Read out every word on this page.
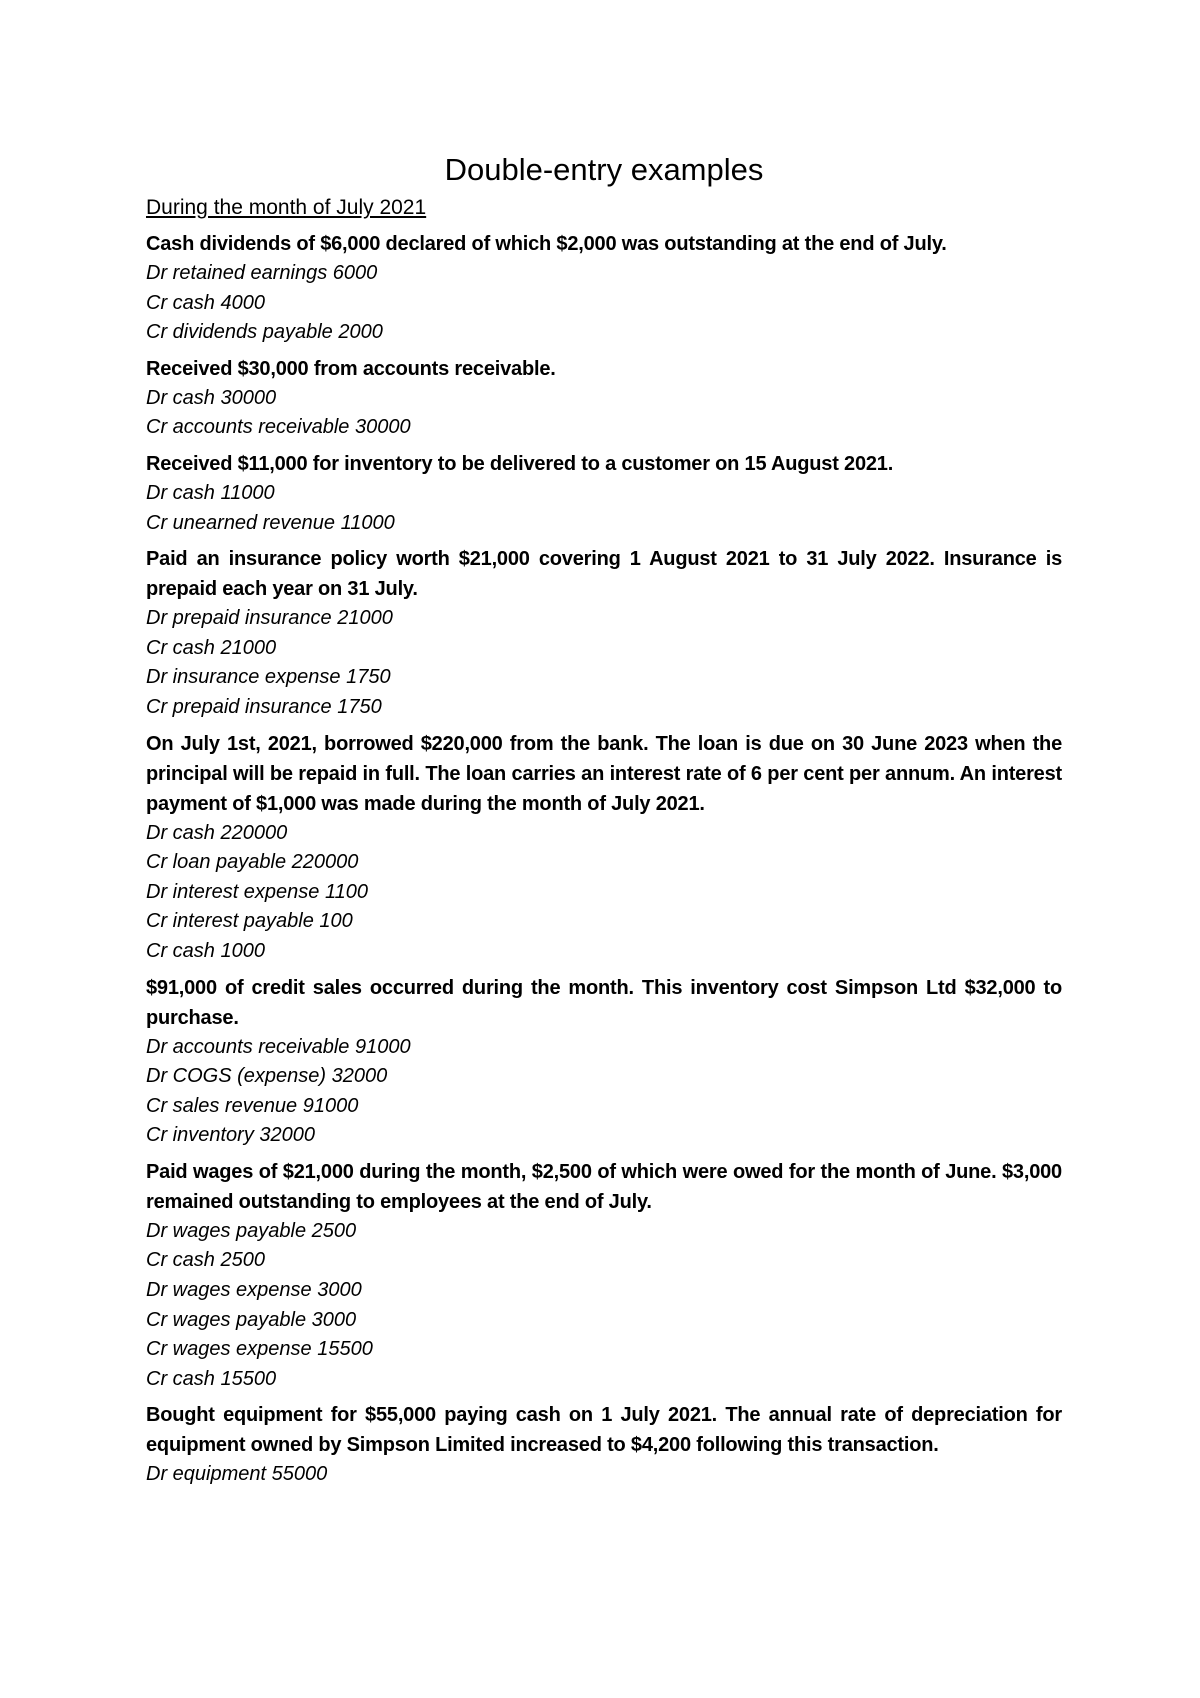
Double-entry examples
During the month of July 2021
Cash dividends of $6,000 declared of which $2,000 was outstanding at the end of July.
Dr retained earnings 6000
Cr cash 4000
Cr dividends payable 2000
Received $30,000 from accounts receivable.
Dr cash 30000
Cr accounts receivable 30000
Received $11,000 for inventory to be delivered to a customer on 15 August 2021.
Dr cash 11000
Cr unearned revenue 11000
Paid an insurance policy worth $21,000 covering 1 August 2021 to 31 July 2022. Insurance is prepaid each year on 31 July.
Dr prepaid insurance 21000
Cr cash 21000
Dr insurance expense 1750
Cr prepaid insurance 1750
On July 1st, 2021, borrowed $220,000 from the bank. The loan is due on 30 June 2023 when the principal will be repaid in full. The loan carries an interest rate of 6 per cent per annum. An interest payment of $1,000 was made during the month of July 2021.
Dr cash 220000
Cr loan payable 220000
Dr interest expense 1100
Cr interest payable 100
Cr cash 1000
$91,000 of credit sales occurred during the month. This inventory cost Simpson Ltd $32,000 to purchase.
Dr accounts receivable 91000
Dr COGS (expense) 32000
Cr sales revenue 91000
Cr inventory 32000
Paid wages of $21,000 during the month, $2,500 of which were owed for the month of June. $3,000 remained outstanding to employees at the end of July.
Dr wages payable 2500
Cr cash 2500
Dr wages expense 3000
Cr wages payable 3000
Cr wages expense 15500
Cr cash 15500
Bought equipment for $55,000 paying cash on 1 July 2021. The annual rate of depreciation for equipment owned by Simpson Limited increased to $4,200 following this transaction.
Dr equipment 55000
